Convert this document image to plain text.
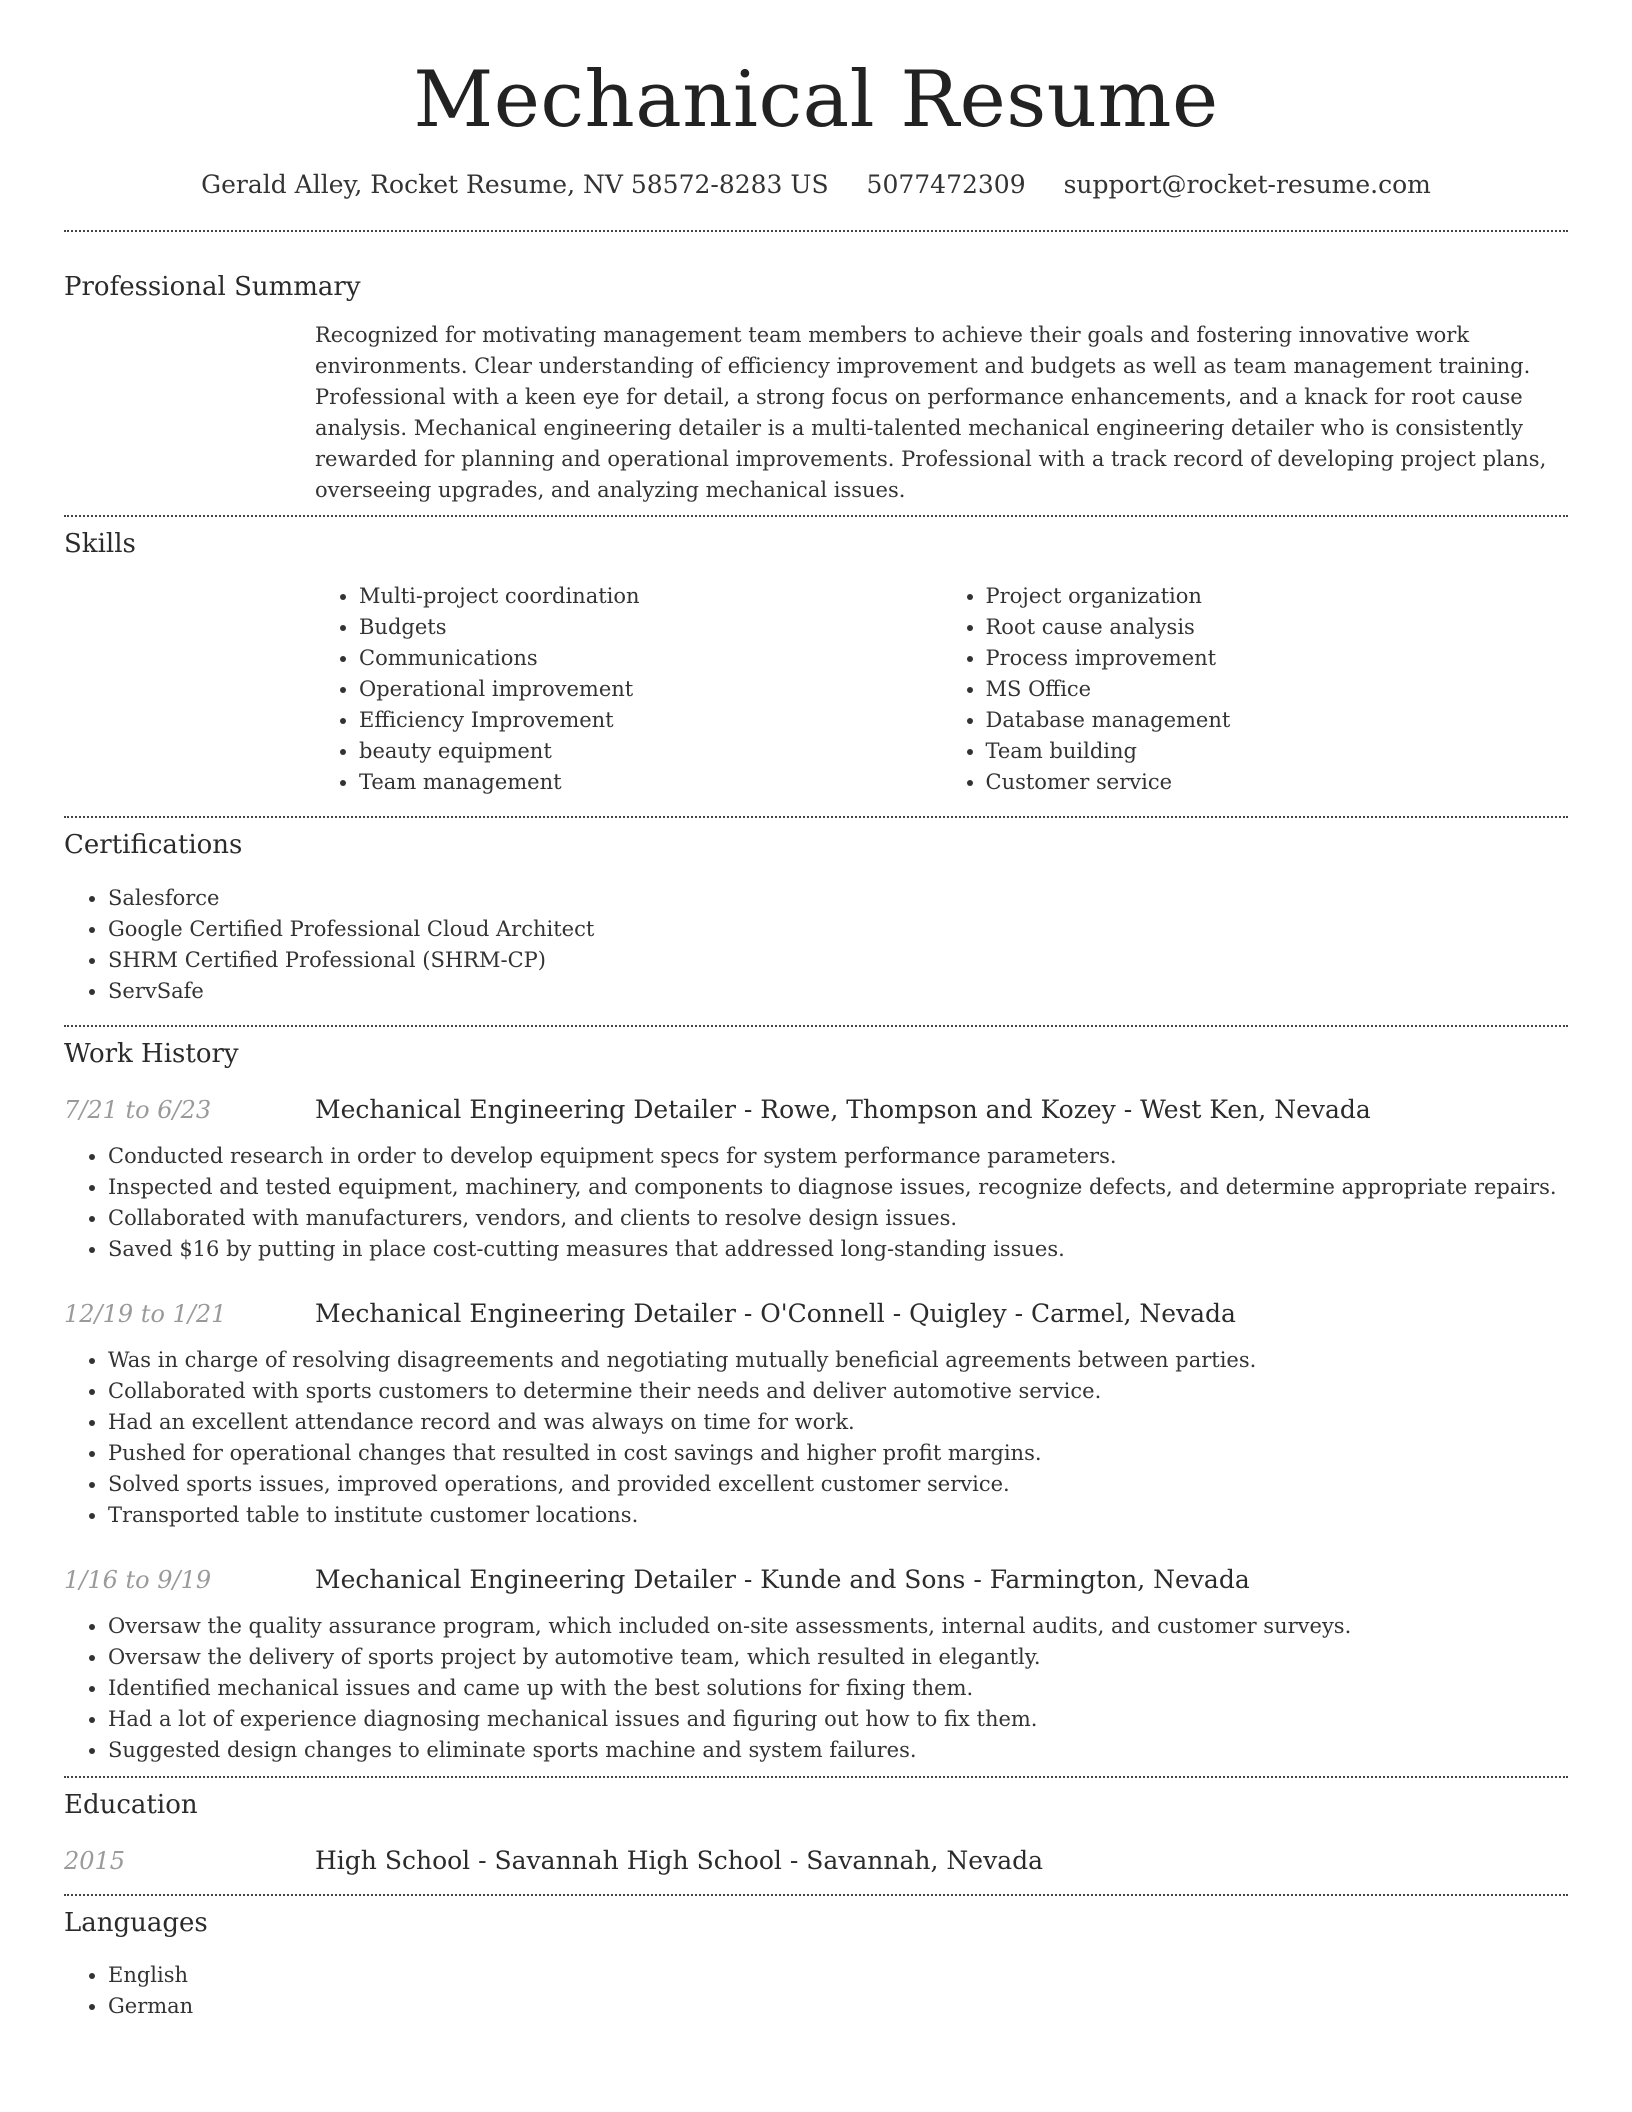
Mechanical Resume
Gerald Alley, Rocket Resume, NV 58572-8283 US 5077472309 support@rocket-resume.com
Professional Summary

Recognized for motivating management team members to achieve their goals and fostering innovative work environments. Clear understanding of efficiency improvement and budgets as well as team management training. Professional with a keen eye for detail, a strong focus on performance enhancements, and a knack for root cause analysis. Mechanical engineering detailer is a multi-talented mechanical engineering detailer who is consistently rewarded for planning and operational improvements. Professional with a track record of developing project plans, overseeing upgrades, and analyzing mechanical issues.

Skills
• Multi-project coordination
• Budgets
• Communications
• Operational improvement
• Efficiency Improvement
• beauty equipment
• Team management
• Project organization
• Root cause analysis
• Process improvement
• MS Office
• Database management
• Team building
• Customer service
Certifications
• Salesforce
• Google Certified Professional Cloud Architect
• SHRM Certified Professional (SHRM-CP)
• ServSafe
Work History
7/21 to 6/23	Mechanical Engineering Detailer - Rowe, Thompson and Kozey - West Ken, Nevada
• Conducted research in order to develop equipment specs for system performance parameters.
• Inspected and tested equipment, machinery, and components to diagnose issues, recognize defects, and determine appropriate repairs.
• Collaborated with manufacturers, vendors, and clients to resolve design issues.
• Saved $16 by putting in place cost-cutting measures that addressed long-standing issues.
12/19 to 1/21	Mechanical Engineering Detailer - O'Connell - Quigley - Carmel, Nevada
• Was in charge of resolving disagreements and negotiating mutually beneficial agreements between parties.
• Collaborated with sports customers to determine their needs and deliver automotive service.
• Had an excellent attendance record and was always on time for work.
• Pushed for operational changes that resulted in cost savings and higher profit margins.
• Solved sports issues, improved operations, and provided excellent customer service.
• Transported table to institute customer locations.
1/16 to 9/19	Mechanical Engineering Detailer - Kunde and Sons - Farmington, Nevada
• Oversaw the quality assurance program, which included on-site assessments, internal audits, and customer surveys.
• Oversaw the delivery of sports project by automotive team, which resulted in elegantly.
• Identified mechanical issues and came up with the best solutions for fixing them.
• Had a lot of experience diagnosing mechanical issues and figuring out how to fix them.
• Suggested design changes to eliminate sports machine and system failures.
Education
2015	High School - Savannah High School - Savannah, Nevada
Languages
• English
• German
